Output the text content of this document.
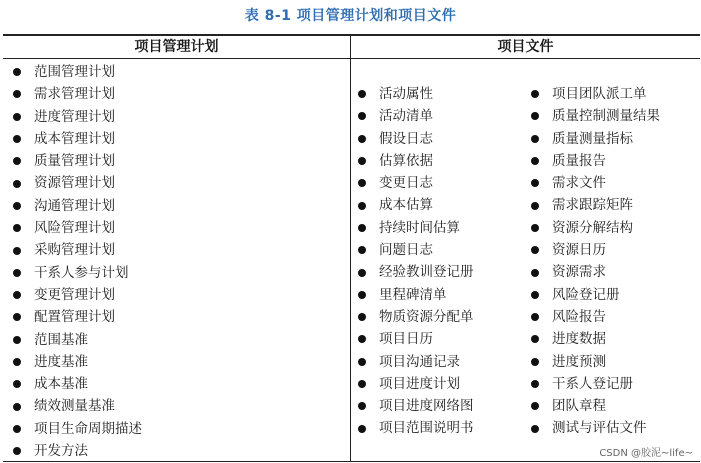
表 8-1 项目管理计划和项目文件
项目管理计划	项目文件
范围管理计划
需求管理计划
进度管理计划
成本管理计划
质量管理计划
资源管理计划
沟通管理计划
风险管理计划
采购管理计划
干系人参与计划
变更管理计划
配置管理计划
范围基准
进度基准
成本基准
绩效测量基准
项目生命周期描述
开发方法
活动属性
活动清单
假设日志
估算依据
变更日志
成本估算
持续时间估算
问题日志
经验教训登记册
里程碑清单
物质资源分配单
项目日历
项目沟通记录
项目进度计划
项目进度网络图
项目范围说明书
项目团队派工单
质量控制测量结果
质量测量指标
质量报告
需求文件
需求跟踪矩阵
资源分解结构
资源日历
资源需求
风险登记册
风险报告
进度数据
进度预测
干系人登记册
团队章程
测试与评估文件
CSDN @胶泥~life~
